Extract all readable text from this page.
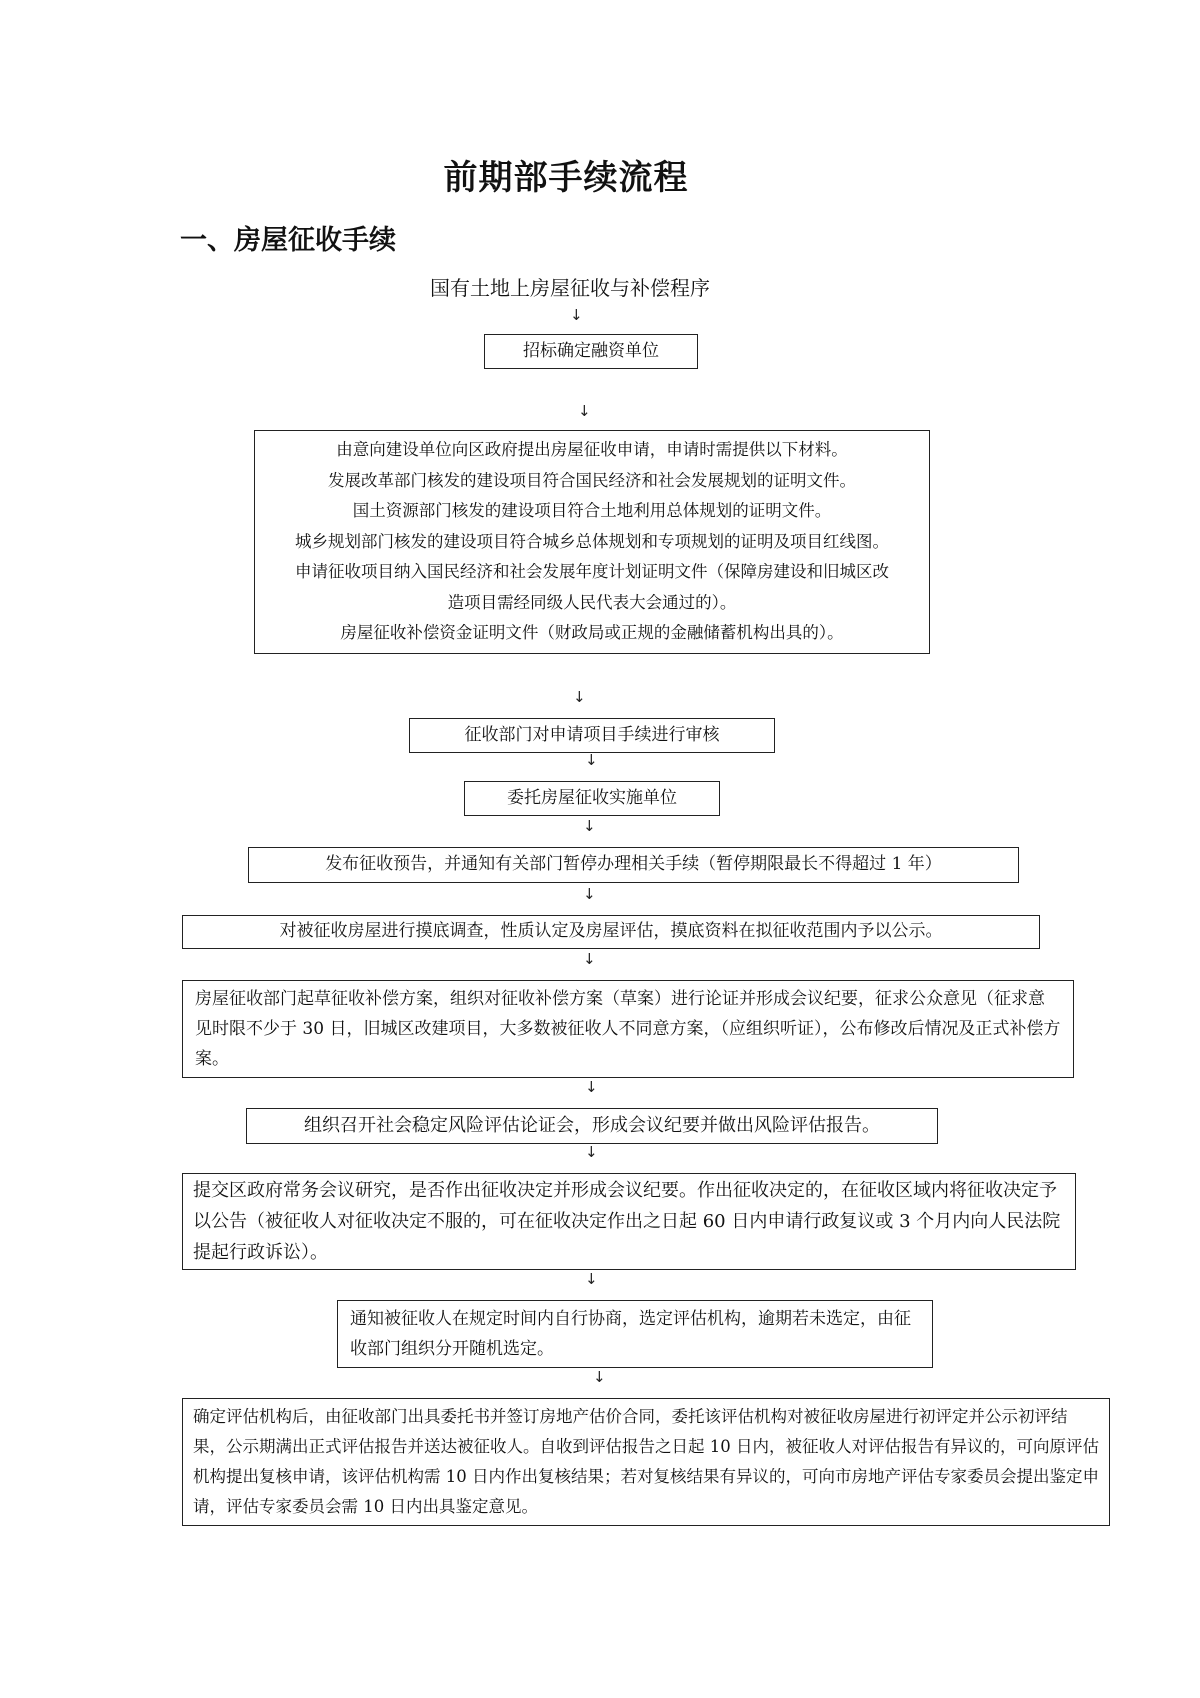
前期部手续流程
一、房屋征收手续
国有土地上房屋征收与补偿程序
↓
↓
↓
↓
↓
↓
↓
↓
↓
↓
↓
招标确定融资单位
由意向建设单位向区政府提出房屋征收申请，申请时需提供以下材料。
发展改革部门核发的建设项目符合国民经济和社会发展规划的证明文件。
国土资源部门核发的建设项目符合土地利用总体规划的证明文件。
城乡规划部门核发的建设项目符合城乡总体规划和专项规划的证明及项目红线图。
申请征收项目纳入国民经济和社会发展年度计划证明文件（保障房建设和旧城区改
造项目需经同级人民代表大会通过的）。
房屋征收补偿资金证明文件（财政局或正规的金融储蓄机构出具的）。
征收部门对申请项目手续进行审核
委托房屋征收实施单位
发布征收预告，并通知有关部门暂停办理相关手续（暂停期限最长不得超过 1 年）
对被征收房屋进行摸底调查，性质认定及房屋评估，摸底资料在拟征收范围内予以公示。
房屋征收部门起草征收补偿方案，组织对征收补偿方案（草案）进行论证并形成会议纪要，征求公众意见（征求意见时限不少于 30 日，旧城区改建项目，大多数被征收人不同意方案，（应组织听证），公布修改后情况及正式补偿方案。
组织召开社会稳定风险评估论证会，形成会议纪要并做出风险评估报告。
提交区政府常务会议研究，是否作出征收决定并形成会议纪要。作出征收决定的，在征收区域内将征收决定予以公告（被征收人对征收决定不服的，可在征收决定作出之日起 60 日内申请行政复议或 3 个月内向人民法院提起行政诉讼）。
通知被征收人在规定时间内自行协商，选定评估机构，逾期若未选定，由征收部门组织分开随机选定。
确定评估机构后，由征收部门出具委托书并签订房地产估价合同，委托该评估机构对被征收房屋进行初评定并公示初评结果，公示期满出正式评估报告并送达被征收人。自收到评估报告之日起 10 日内，被征收人对评估报告有异议的，可向原评估机构提出复核申请，该评估机构需 10 日内作出复核结果；若对复核结果有异议的，可向市房地产评估专家委员会提出鉴定申请，评估专家委员会需 10 日内出具鉴定意见。
